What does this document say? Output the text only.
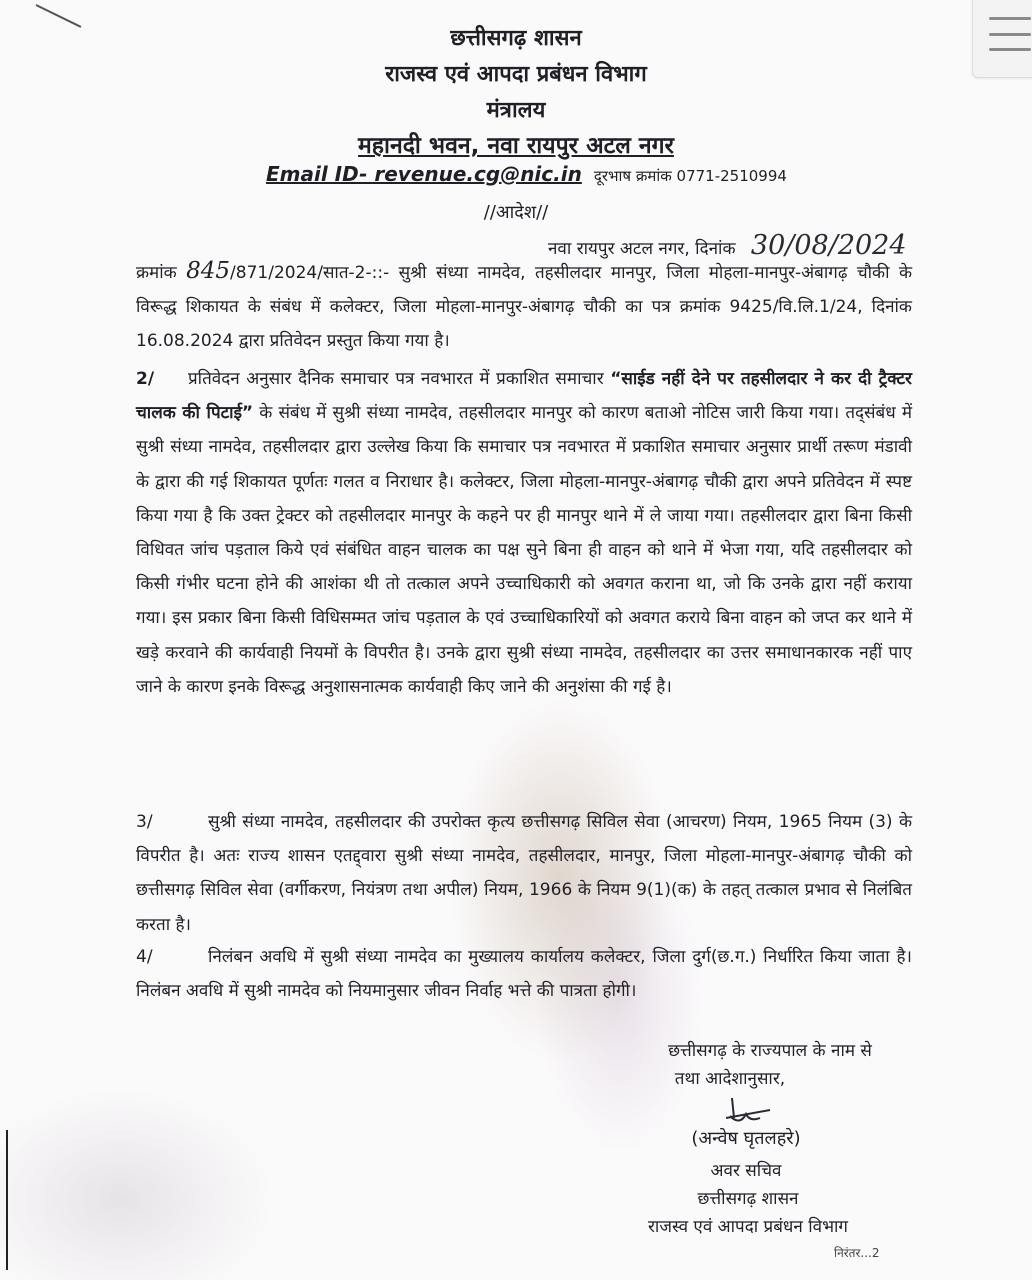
छत्तीसगढ़ शासन
राजस्व एवं आपदा प्रबंधन विभाग
मंत्रालय
महानदी भवन, नवा रायपुर अटल नगर
Email ID- revenue.cg@nic.in दूरभाष क्रमांक 0771-2510994
//आदेश//
नवा रायपुर अटल नगर, दिनांक 30/08/2024
क्रमांक 845/871/2024/सात-2-::- सुश्री संध्या नामदेव, तहसीलदार मानपुर, जिला मोहला-मानपुर-अंबागढ़ चौकी के विरूद्ध शिकायत के संबंध में कलेक्टर, जिला मोहला-मानपुर-अंबागढ़ चौकी का पत्र क्रमांक 9425/वि.लि.1/24, दिनांक 16.08.2024 द्वारा प्रतिवेदन प्रस्तुत किया गया है।
2/ प्रतिवेदन अनुसार दैनिक समाचार पत्र नवभारत में प्रकाशित समाचार “साईड नहीं देने पर तहसीलदार ने कर दी ट्रैक्टर चालक की पिटाई” के संबंध में सुश्री संध्या नामदेव, तहसीलदार मानपुर को कारण बताओ नोटिस जारी किया गया। तद्संबंध में सुश्री संध्या नामदेव, तहसीलदार द्वारा उल्लेख किया कि समाचार पत्र नवभारत में प्रकाशित समाचार अनुसार प्रार्थी तरूण मंडावी के द्वारा की गई शिकायत पूर्णतः गलत व निराधार है। कलेक्टर, जिला मोहला-मानपुर-अंबागढ़ चौकी द्वारा अपने प्रतिवेदन में स्पष्ट किया गया है कि उक्त ट्रेक्टर को तहसीलदार मानपुर के कहने पर ही मानपुर थाने में ले जाया गया। तहसीलदार द्वारा बिना किसी विधिवत जांच पड़ताल किये एवं संबंधित वाहन चालक का पक्ष सुने बिना ही वाहन को थाने में भेजा गया, यदि तहसीलदार को किसी गंभीर घटना होने की आशंका थी तो तत्काल अपने उच्चाधिकारी को अवगत कराना था, जो कि उनके द्वारा नहीं कराया गया। इस प्रकार बिना किसी विधिसम्मत जांच पड़ताल के एवं उच्चाधिकारियों को अवगत कराये बिना वाहन को जप्त कर थाने में खड़े करवाने की कार्यवाही नियमों के विपरीत है। उनके द्वारा सुश्री संध्या नामदेव, तहसीलदार का उत्तर समाधानकारक नहीं पाए जाने के कारण इनके विरूद्ध अनुशासनात्मक कार्यवाही किए जाने की अनुशंसा की गई है।
3/	सुश्री संध्या नामदेव, तहसीलदार की उपरोक्त कृत्य छत्तीसगढ़ सिविल सेवा (आचरण) नियम, 1965 नियम (3) के विपरीत है। अतः राज्य शासन एतद्द्वारा सुश्री संध्या नामदेव, तहसीलदार, मानपुर, जिला मोहला-मानपुर-अंबागढ़ चौकी को छत्तीसगढ़ सिविल सेवा (वर्गीकरण, नियंत्रण तथा अपील) नियम, 1966 के नियम 9(1)(क) के तहत् तत्काल प्रभाव से निलंबित करता है।
4/	निलंबन अवधि में सुश्री संध्या नामदेव का मुख्यालय कार्यालय कलेक्टर, जिला दुर्ग(छ.ग.) निर्धारित किया जाता है। निलंबन अवधि में सुश्री नामदेव को नियमानुसार जीवन निर्वाह भत्ते की पात्रता होगी।
छत्तीसगढ़ के राज्यपाल के नाम से
तथा आदेशानुसार,
(अन्वेष घृतलहरे)
अवर सचिव
छत्तीसगढ़ शासन
राजस्व एवं आपदा प्रबंधन विभाग
निरंतर...2
